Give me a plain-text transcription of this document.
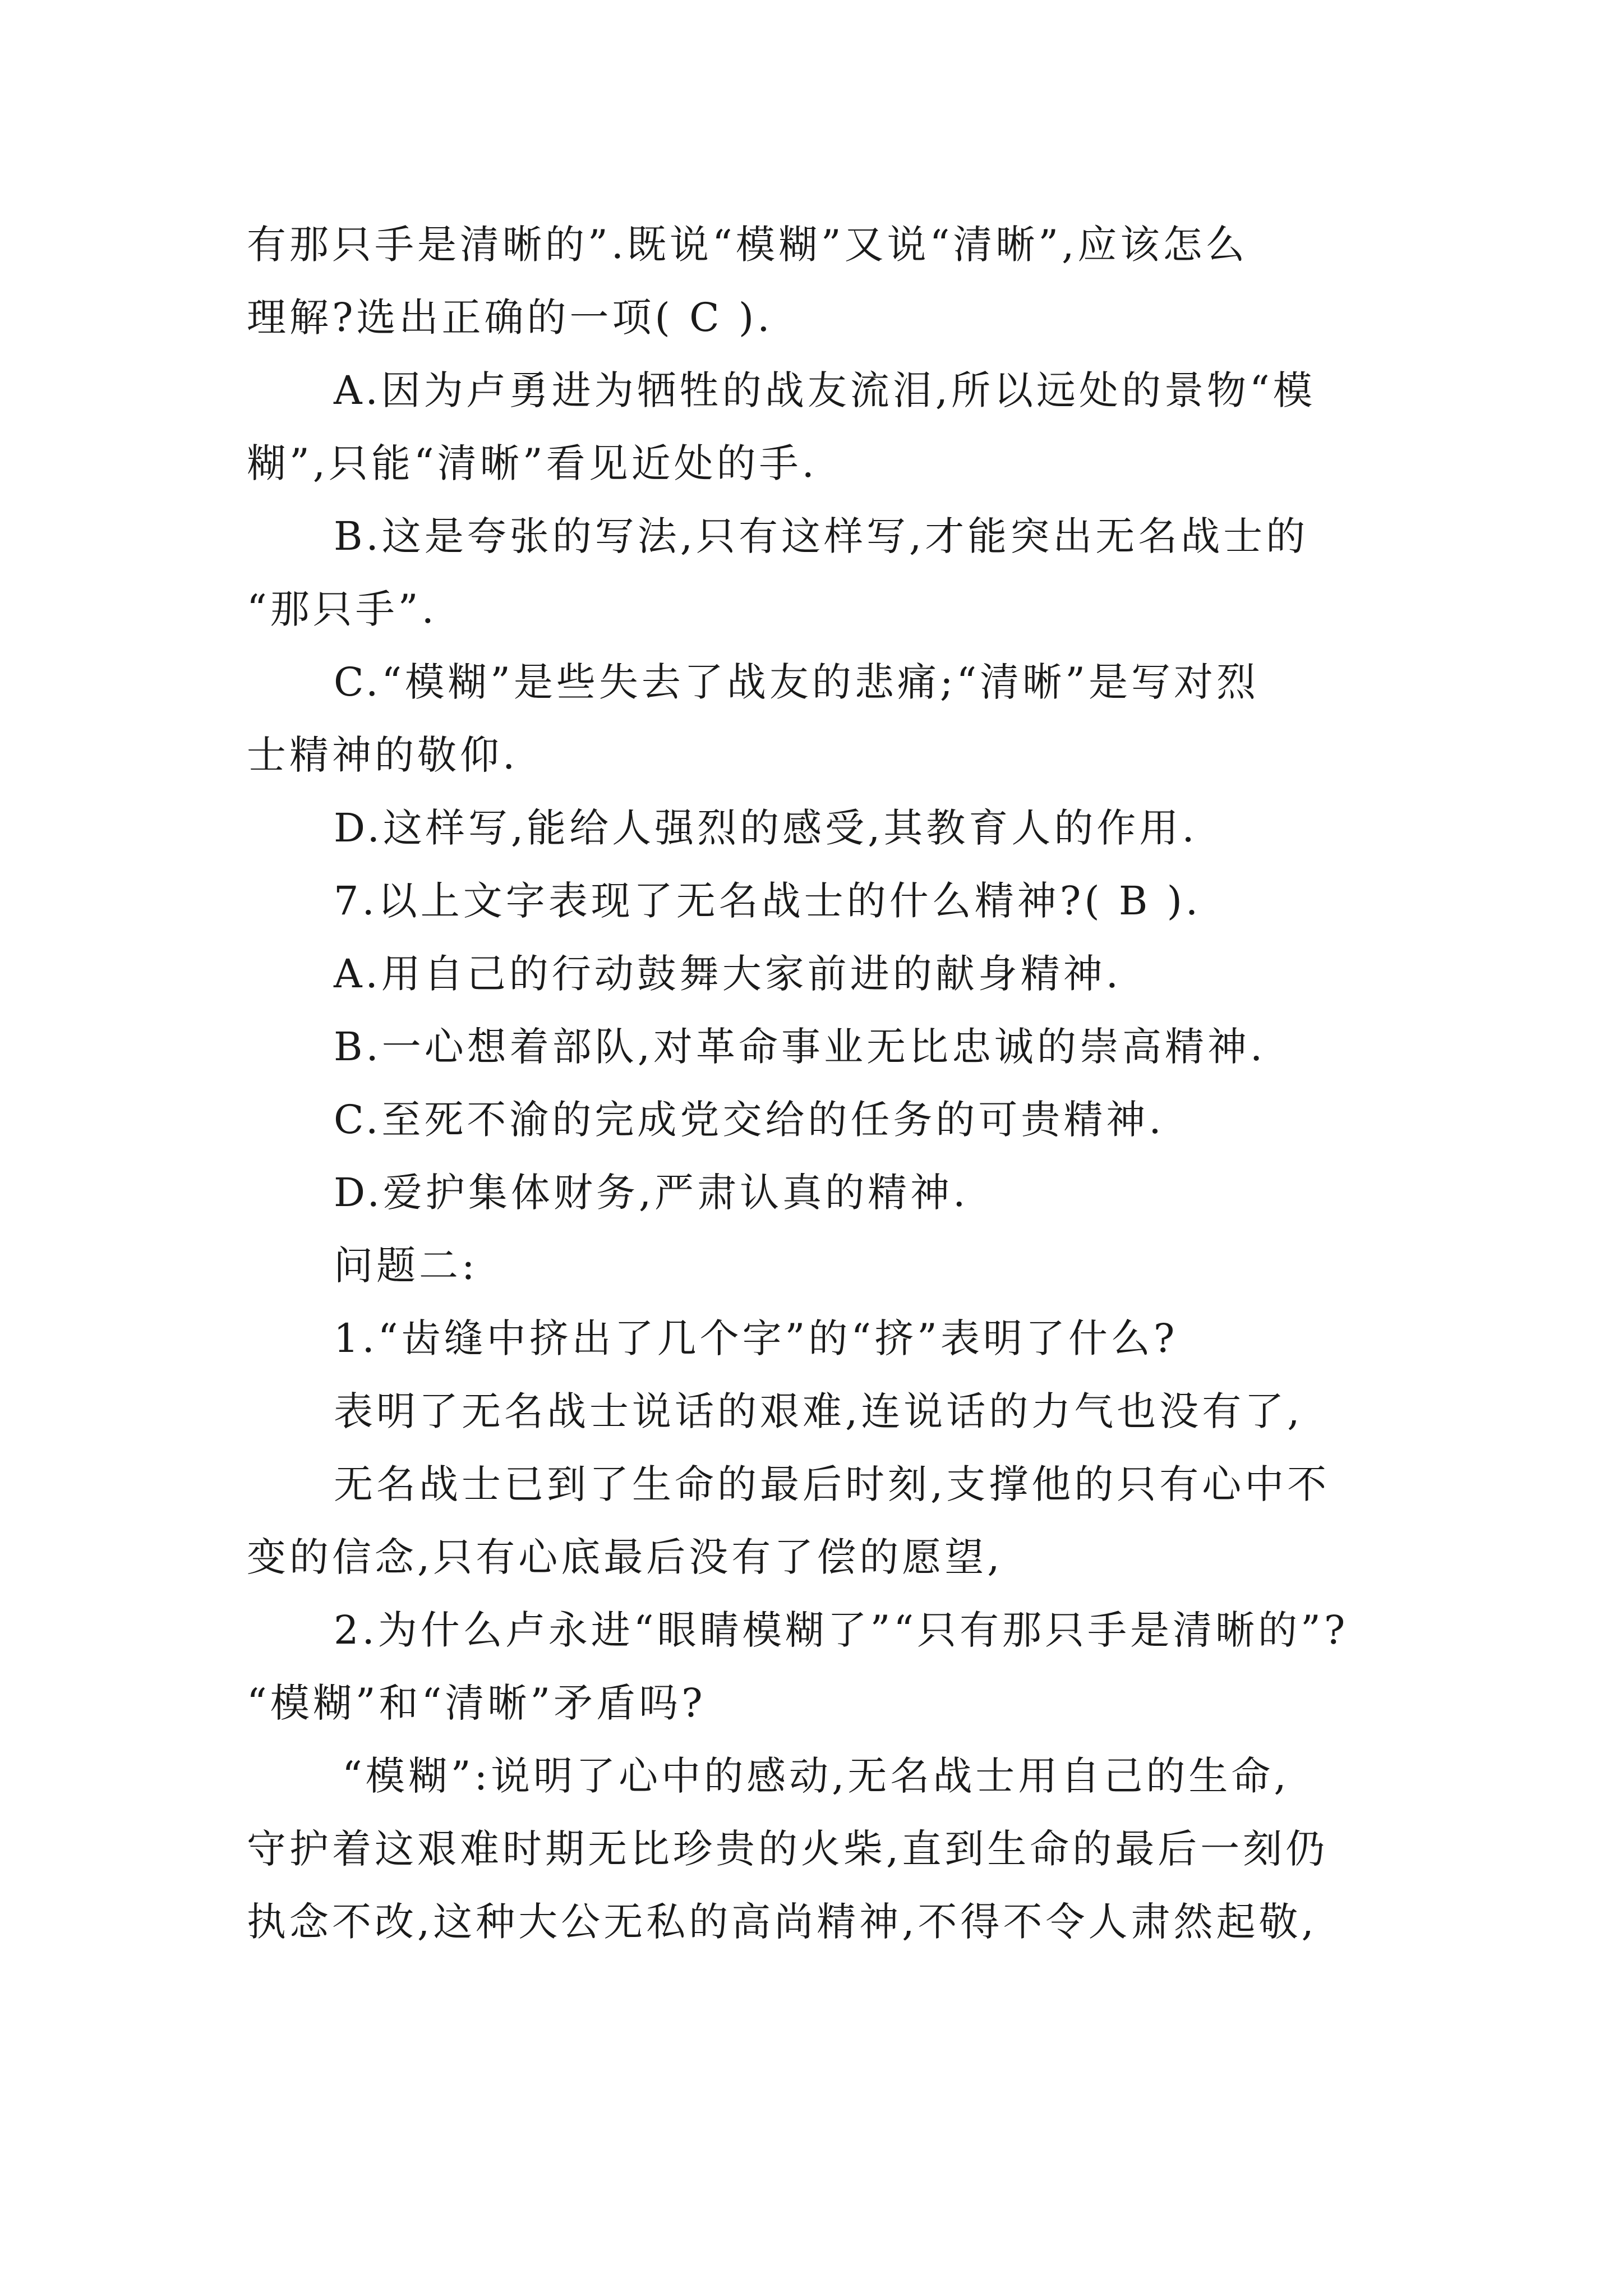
有那只手是清晰的”.既说“模糊”又说“清晰”,应该怎么
理解?选出正确的一项( C ).
A.因为卢勇进为牺牲的战友流泪,所以远处的景物“模
糊”,只能“清晰”看见近处的手.
B.这是夸张的写法,只有这样写,才能突出无名战士的
“那只手”.
C.“模糊”是些失去了战友的悲痛;“清晰”是写对烈
士精神的敬仰.
D.这样写,能给人强烈的感受,其教育人的作用.
7.以上文字表现了无名战士的什么精神?( B ).
A.用自己的行动鼓舞大家前进的献身精神.
B.一心想着部队,对革命事业无比忠诚的崇高精神.
C.至死不渝的完成党交给的任务的可贵精神.
D.爱护集体财务,严肃认真的精神.
问题二:
1.“齿缝中挤出了几个字”的“挤”表明了什么?
表明了无名战士说话的艰难,连说话的力气也没有了,
无名战士已到了生命的最后时刻,支撑他的只有心中不
变的信念,只有心底最后没有了偿的愿望,
2.为什么卢永进“眼睛模糊了”“只有那只手是清晰的”?
“模糊”和“清晰”矛盾吗?
“模糊”:说明了心中的感动,无名战士用自己的生命,
守护着这艰难时期无比珍贵的火柴,直到生命的最后一刻仍
执念不改,这种大公无私的高尚精神,不得不令人肃然起敬,
